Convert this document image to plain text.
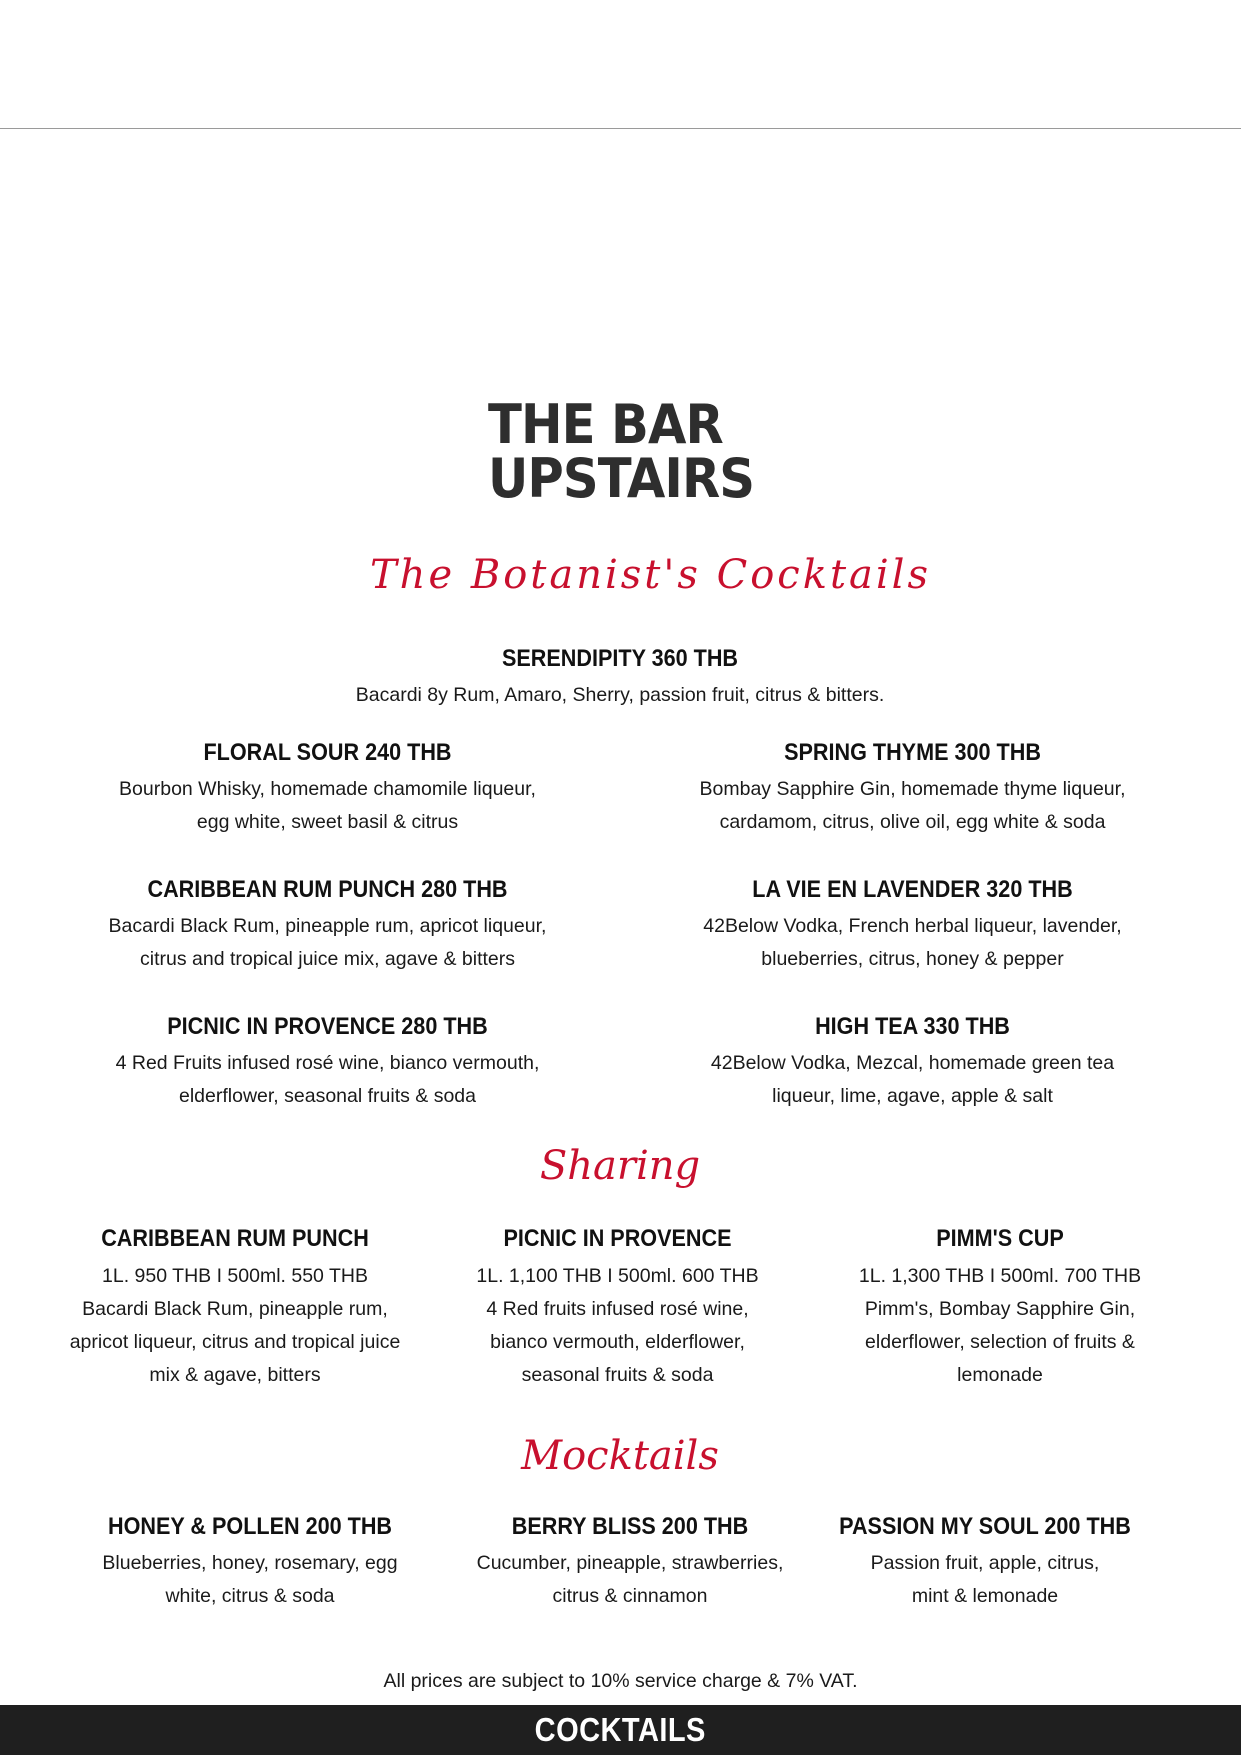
THE BAR
UPSTAIRS
The Botanist's Cocktails
SERENDIPITY 360 THB
Bacardi 8y Rum, Amaro, Sherry, passion fruit, citrus & bitters.
FLORAL SOUR 240 THB
Bourbon Whisky, homemade chamomile liqueur,
egg white, sweet basil & citrus
SPRING THYME 300 THB
Bombay Sapphire Gin, homemade thyme liqueur,
cardamom, citrus, olive oil, egg white & soda
CARIBBEAN RUM PUNCH 280 THB
Bacardi Black Rum, pineapple rum, apricot liqueur,
citrus and tropical juice mix, agave & bitters
LA VIE EN LAVENDER 320 THB
42Below Vodka, French herbal liqueur, lavender,
blueberries, citrus, honey & pepper
PICNIC IN PROVENCE 280 THB
4 Red Fruits infused rosé wine, bianco vermouth,
elderflower, seasonal fruits & soda
HIGH TEA 330 THB
42Below Vodka, Mezcal, homemade green tea
liqueur, lime, agave, apple & salt
Sharing
CARIBBEAN RUM PUNCH
1L. 950 THB I 500ml. 550 THB
Bacardi Black Rum, pineapple rum,
apricot liqueur, citrus and tropical juice
mix & agave, bitters
PICNIC IN PROVENCE
1L. 1,100 THB I 500ml. 600 THB
4 Red fruits infused rosé wine,
bianco vermouth, elderflower,
seasonal fruits & soda
PIMM'S CUP
1L. 1,300 THB I 500ml. 700 THB
Pimm's, Bombay Sapphire Gin,
elderflower, selection of fruits &
lemonade
Mocktails
HONEY & POLLEN 200 THB
Blueberries, honey, rosemary, egg
white, citrus & soda
BERRY BLISS 200 THB
Cucumber, pineapple, strawberries,
citrus & cinnamon
PASSION MY SOUL 200 THB
Passion fruit, apple, citrus,
mint & lemonade
All prices are subject to 10% service charge & 7% VAT.
COCKTAILS
